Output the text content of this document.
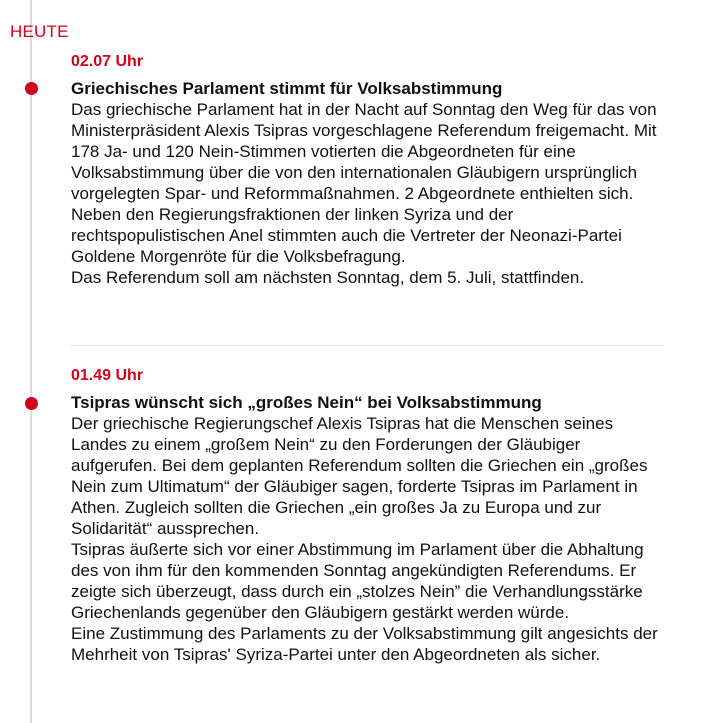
HEUTE
02.07 Uhr
Griechisches Parlament stimmt für Volksabstimmung

Das griechische Parlament hat in der Nacht auf Sonntag den Weg für das von Ministerpräsident Alexis Tsipras vorgeschlagene Referendum freigemacht. Mit 178 Ja- und 120 Nein-Stimmen votierten die Abgeordneten für eine Volksabstimmung über die von den internationalen Gläubigern ursprünglich vorgelegten Spar- und Reformmaßnahmen. 2 Abgeordnete enthielten sich.

Neben den Regierungsfraktionen der linken Syriza und der rechtspopulistischen Anel stimmten auch die Vertreter der Neonazi-Partei Goldene Morgenröte für die Volksbefragung.

Das Referendum soll am nächsten Sonntag, dem 5. Juli, stattfinden.

01.49 Uhr
Tsipras wünscht sich „großes Nein“ bei Volksabstimmung

Der griechische Regierungschef Alexis Tsipras hat die Menschen seines Landes zu einem „großem Nein“ zu den Forderungen der Gläubiger aufgerufen. Bei dem geplanten Referendum sollten die Griechen ein „großes Nein zum Ultimatum“ der Gläubiger sagen, forderte Tsipras im Parlament in Athen. Zugleich sollten die Griechen „ein großes Ja zu Europa und zur Solidarität“ aussprechen.

Tsipras äußerte sich vor einer Abstimmung im Parlament über die Abhaltung des von ihm für den kommenden Sonntag angekündigten Referendums. Er zeigte sich überzeugt, dass durch ein „stolzes Nein” die Verhandlungsstärke Griechenlands gegenüber den Gläubigern gestärkt werden würde.

Eine Zustimmung des Parlaments zu der Volksabstimmung gilt angesichts der Mehrheit von Tsipras' Syriza-Partei unter den Abgeordneten als sicher.
